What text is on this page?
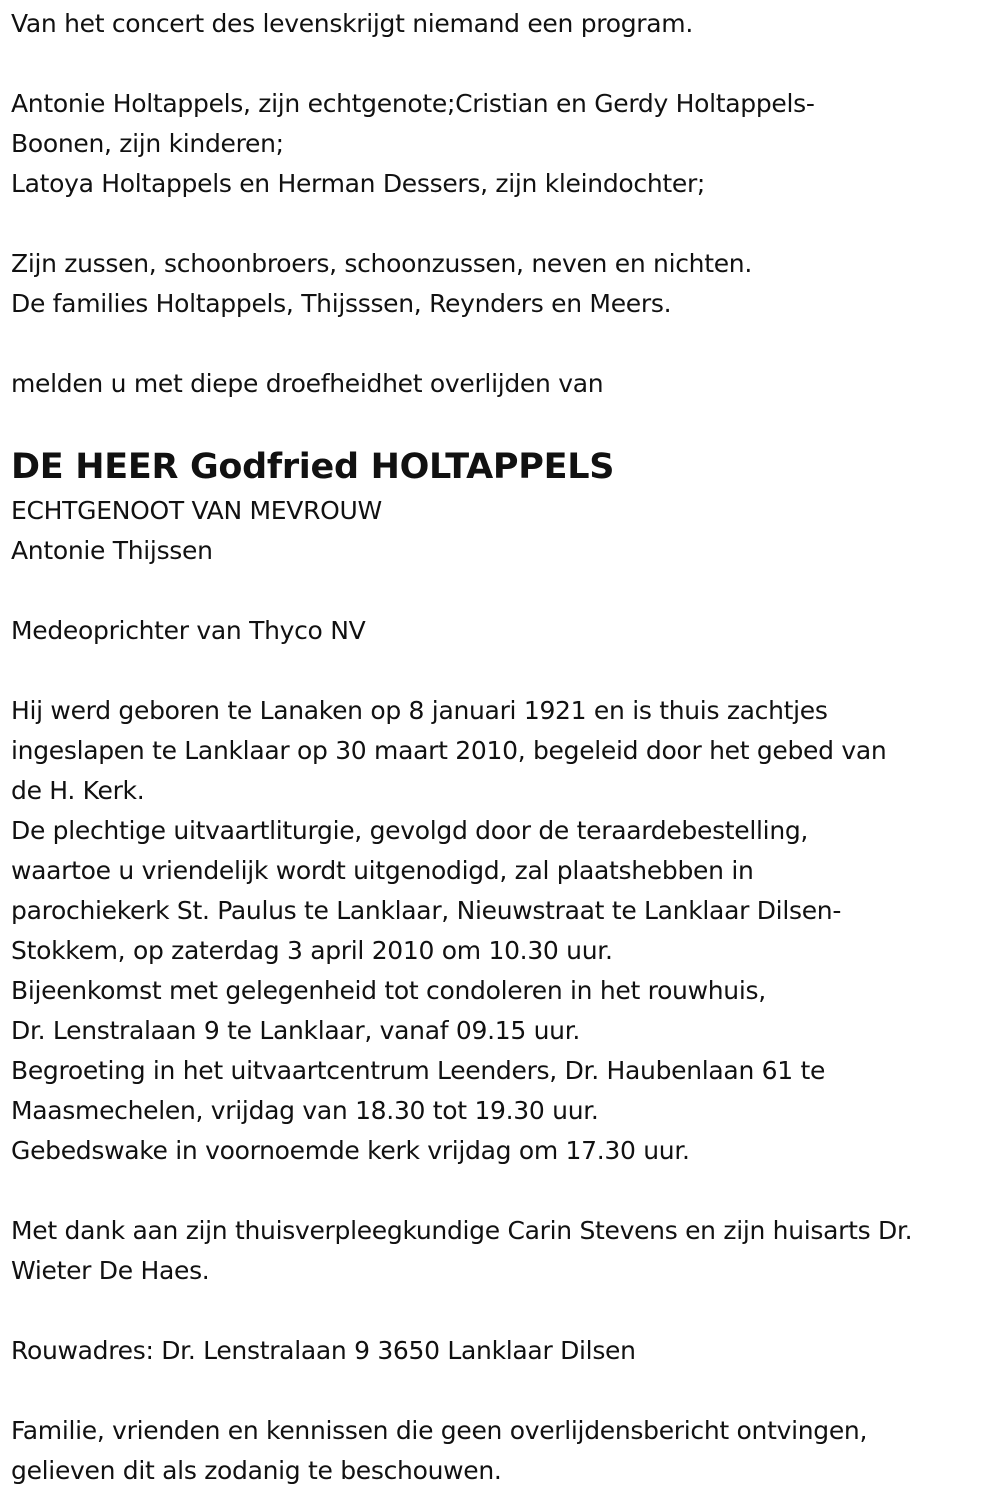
Van het concert des levenskrijgt niemand een program.
Antonie Holtappels, zijn echtgenote;Cristian en Gerdy Holtappels-
Boonen, zijn kinderen;
Latoya Holtappels en Herman Dessers, zijn kleindochter;
Zijn zussen, schoonbroers, schoonzussen, neven en nichten.
De families Holtappels, Thijsssen, Reynders en Meers.
melden u met diepe droefheidhet overlijden van
DE HEER Godfried HOLTAPPELS
ECHTGENOOT VAN MEVROUW
Antonie Thijssen
Medeoprichter van Thyco NV
Hij werd geboren te Lanaken op 8 januari 1921 en is thuis zachtjes
ingeslapen te Lanklaar op 30 maart 2010, begeleid door het gebed van
de H. Kerk.
De plechtige uitvaartliturgie, gevolgd door de teraardebestelling,
waartoe u vriendelijk wordt uitgenodigd, zal plaatshebben in
parochiekerk St. Paulus te Lanklaar, Nieuwstraat te Lanklaar Dilsen-
Stokkem, op zaterdag 3 april 2010 om 10.30 uur.
Bijeenkomst met gelegenheid tot condoleren in het rouwhuis,
Dr. Lenstralaan 9 te Lanklaar, vanaf 09.15 uur.
Begroeting in het uitvaartcentrum Leenders, Dr. Haubenlaan 61 te
Maasmechelen, vrijdag van 18.30 tot 19.30 uur.
Gebedswake in voornoemde kerk vrijdag om 17.30 uur.
Met dank aan zijn thuisverpleegkundige Carin Stevens en zijn huisarts Dr.
Wieter De Haes.
Rouwadres: Dr. Lenstralaan 9 3650 Lanklaar Dilsen
Familie, vrienden en kennissen die geen overlijdensbericht ontvingen,
gelieven dit als zodanig te beschouwen.
